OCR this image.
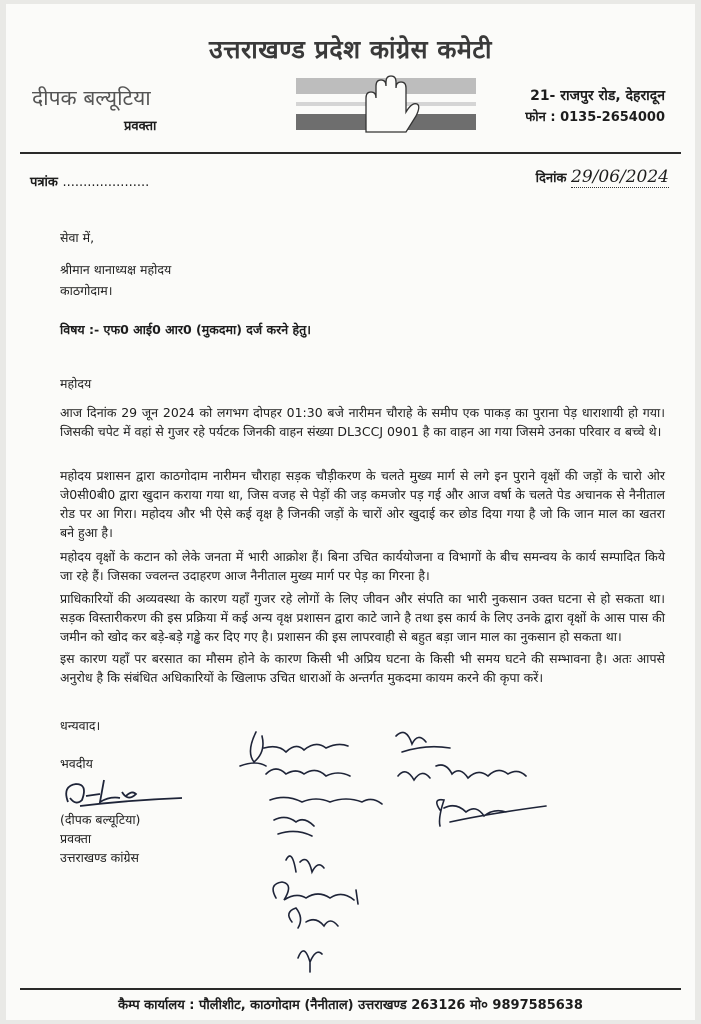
उत्तराखण्ड प्रदेश कांग्रेस कमेटी
दीपक बल्यूटिया
प्रवक्ता
21- राजपुर रोड, देहरादून
फोन : 0135-2654000
पत्रांक .....................	दिनांक 29/06/2024
सेवा में,
श्रीमान थानाध्यक्ष महोदय
काठगोदाम।
विषय :- एफ0 आई0 आर0 (मुकदमा) दर्ज करने हेतु।
महोदय
आज दिनांक 29 जून 2024 को लगभग दोपहर 01:30 बजे नारीमन चौराहे के समीप एक पाकड़ का पुराना पेड़ धाराशायी हो गया। जिसकी चपेट में वहां से गुजर रहे पर्यटक जिनकी वाहन संख्या DL3CCJ 0901 है का वाहन आ गया जिसमे उनका परिवार व बच्चे थे।
महोदय प्रशासन द्वारा काठगोदाम नारीमन चौराहा सड़क चौड़ीकरण के चलते मुख्य मार्ग से लगे इन पुराने वृक्षों की जड़ों के चारो ओर जे0सी0बी0 द्वारा खुदान कराया गया था, जिस वजह से पेड़ों की जड़ कमजोर पड़ गई और आज वर्षा के चलते पेड अचानक से नैनीताल रोड पर आ गिरा। महोदय और भी ऐसे कई वृक्ष है जिनकी जड़ों के चारों ओर खुदाई कर छोड दिया गया है जो कि जान माल का खतरा बने हुआ है।
महोदय वृक्षों के कटान को लेके जनता में भारी आक्रोश हैं। बिना उचित कार्ययोजना व विभागों के बीच समन्वय के कार्य सम्पादित किये जा रहे हैं। जिसका ज्वलन्त उदाहरण आज नैनीताल मुख्य मार्ग पर पेड़ का गिरना है।
प्राधिकारियों की अव्यवस्था के कारण यहाँ गुजर रहे लोगों के लिए जीवन और संपति का भारी नुकसान उक्त घटना से हो सकता था। सड़क विस्तारीकरण की इस प्रक्रिया में कई अन्य वृक्ष प्रशासन द्वारा काटे जाने है तथा इस कार्य के लिए उनके द्वारा वृक्षों के आस पास की जमीन को खोद कर बड़े-बड़े गड्ढे कर दिए गए है। प्रशासन की इस लापरवाही से बहुत बड़ा जान माल का नुकसान हो सकता था।
इस कारण यहाँ पर बरसात का मौसम होने के कारण किसी भी अप्रिय घटना के किसी भी समय घटने की सम्भावना है। अतः आपसे अनुरोध है कि संबंधित अधिकारियों के खिलाफ उचित धाराओं के अन्तर्गत मुकदमा कायम करने की कृपा करें।
धन्यवाद।
भवदीय
(दीपक बल्यूटिया)
प्रवक्ता
उत्तराखण्ड कांग्रेस
कैम्प कार्यालय : पौलीशीट, काठगोदाम (नैनीताल) उत्तराखण्ड 263126 मो० 9897585638
